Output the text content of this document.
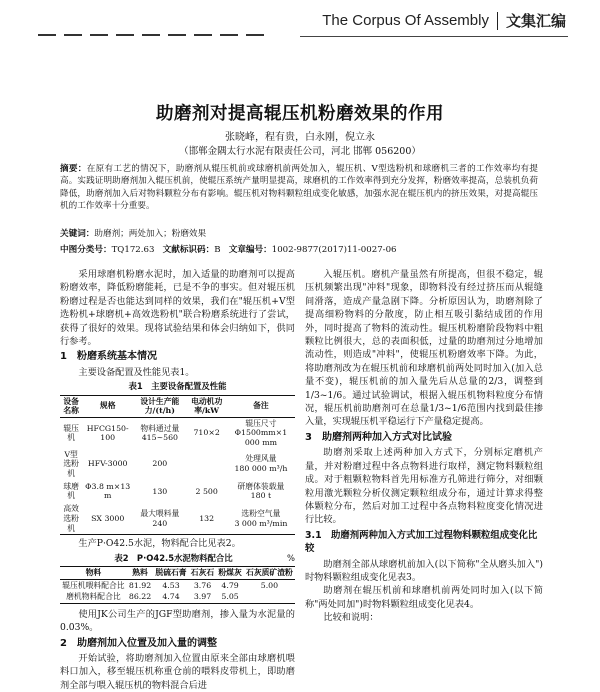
The Corpus Of Assembly 文集汇编
助磨剂对提高辊压机粉磨效果的作用
张晓峰，程有贵，白永刚，倪立永
（邯郸金隅太行水泥有限责任公司，河北 邯郸 056200）
摘要：在原有工艺的情况下，助磨剂从辊压机前或球磨机前两处加入，辊压机、V型选粉机和球磨机三者的工作效率均有提高。实践证明助磨剂加入辊压机前，使辊压系统产量明显提高，球磨机的工作效率得到充分发挥，粉磨效率提高，总装机负荷降低，助磨剂加入后对物料颗粒分布有影响。辊压机对物料颗粒组成变化敏感，加强水泥在辊压机内的挤压效果，对提高辊压机的工作效率十分重要。
关键词：助磨剂；两处加入；粉磨效果
中图分类号：TQ172.63 文献标识码：B 文章编号：1002-9877(2017)11-0027-06

采用球磨机粉磨水泥时，加入适量的助磨剂可以提高粉磨效率，降低粉磨能耗，已是不争的事实。但对辊压机粉磨过程是否也能达到同样的效果，我们在"辊压机+V型选粉机+球磨机+高效选粉机"联合粉磨系统进行了尝试，获得了很好的效果。现将试验结果和体会归纳如下，供同行参考。

1　粉磨系统基本情况

主要设备配置及性能见表1。

表1　主要设备配置及性能
设备名称	规格	设计生产能力/(t/h)	电动机功率/kW	备注
辊压机	HFCG150-100	物料通过量415~560	710×2	辊压尺寸
Φ1500mm×1 000 mm
V型选粉机	HFV-3000	200		处理风量
180 000 m³/h
球磨机	Φ3.8 m×13 m	130	2 500	研磨体装载量
180 t
高效选粉机	SX 3000	最大喂料量240	132	选粉空气量
3 000 m³/min

生产P·O42.5水泥，物料配合比见表2。

表2　P·O42.5水泥物料配合比	%
物料	熟料	脱硫石膏	石灰石	粉煤灰	石灰质矿渣粉
辊压机喂料配合比	81.92	4.53	3.76	4.79	5.00
磨机物料配合比	86.22	4.74	3.97	5.05	

使用JK公司生产的JGF型助磨剂，掺入量为水泥量的0.03%。

2　助磨剂加入位置及加入量的调整

开始试验，将助磨剂加入位置由原来全部由球磨机喂料口加入，移至辊压机称重仓前的喂料皮带机上，即助磨剂全部与喂入辊压机的物料混合后进

入辊压机。磨机产量虽然有所提高，但很不稳定，辊压机频繁出现"冲料"现象，即物料没有经过挤压而从辊缝间滑落，造成产量急剧下降。分析原因认为，助磨剂除了提高细粉物料的分散度，防止相互吸引黏结成团的作用外，同时提高了物料的流动性。辊压机粉磨阶段物料中粗颗粒比例很大，总的表面积低，过量的助磨剂过分地增加流动性，则造成"冲料"，使辊压机粉磨效率下降。为此，将助磨剂改为在辊压机前和球磨机前两处同时加入(加入总量不变)，辊压机前的加入量先后从总量的2/3，调整到1/3~1/6。通过试验调试，根据入辊压机物料粒度分布情况，辊压机前助磨剂可在总量1/3~1/6范围内找到最佳掺入量，实现辊压机平稳运行下产量稳定提高。

3　助磨剂两种加入方式对比试验

助磨剂采取上述两种加入方式下，分别标定磨机产量，并对粉磨过程中各点物料进行取样，测定物料颗粒组成。对于粗颗粒物料首先用标准方孔筛进行筛分，对细颗粒用激光颗粒分析仪测定颗粒组成分布，通过计算求得整体颗粒分布，然后对加工过程中各点物料粒度变化情况进行比较。

3.1　助磨剂两种加入方式加工过程物料颗粒组成变化比较

助磨剂全部从球磨机前加入(以下简称"全从磨头加入")时物料颗粒组成变化见表3。

助磨剂在辊压机前和球磨机前两处同时加入(以下简称"两处同加")时物料颗粒组成变化见表4。

比较和说明：
